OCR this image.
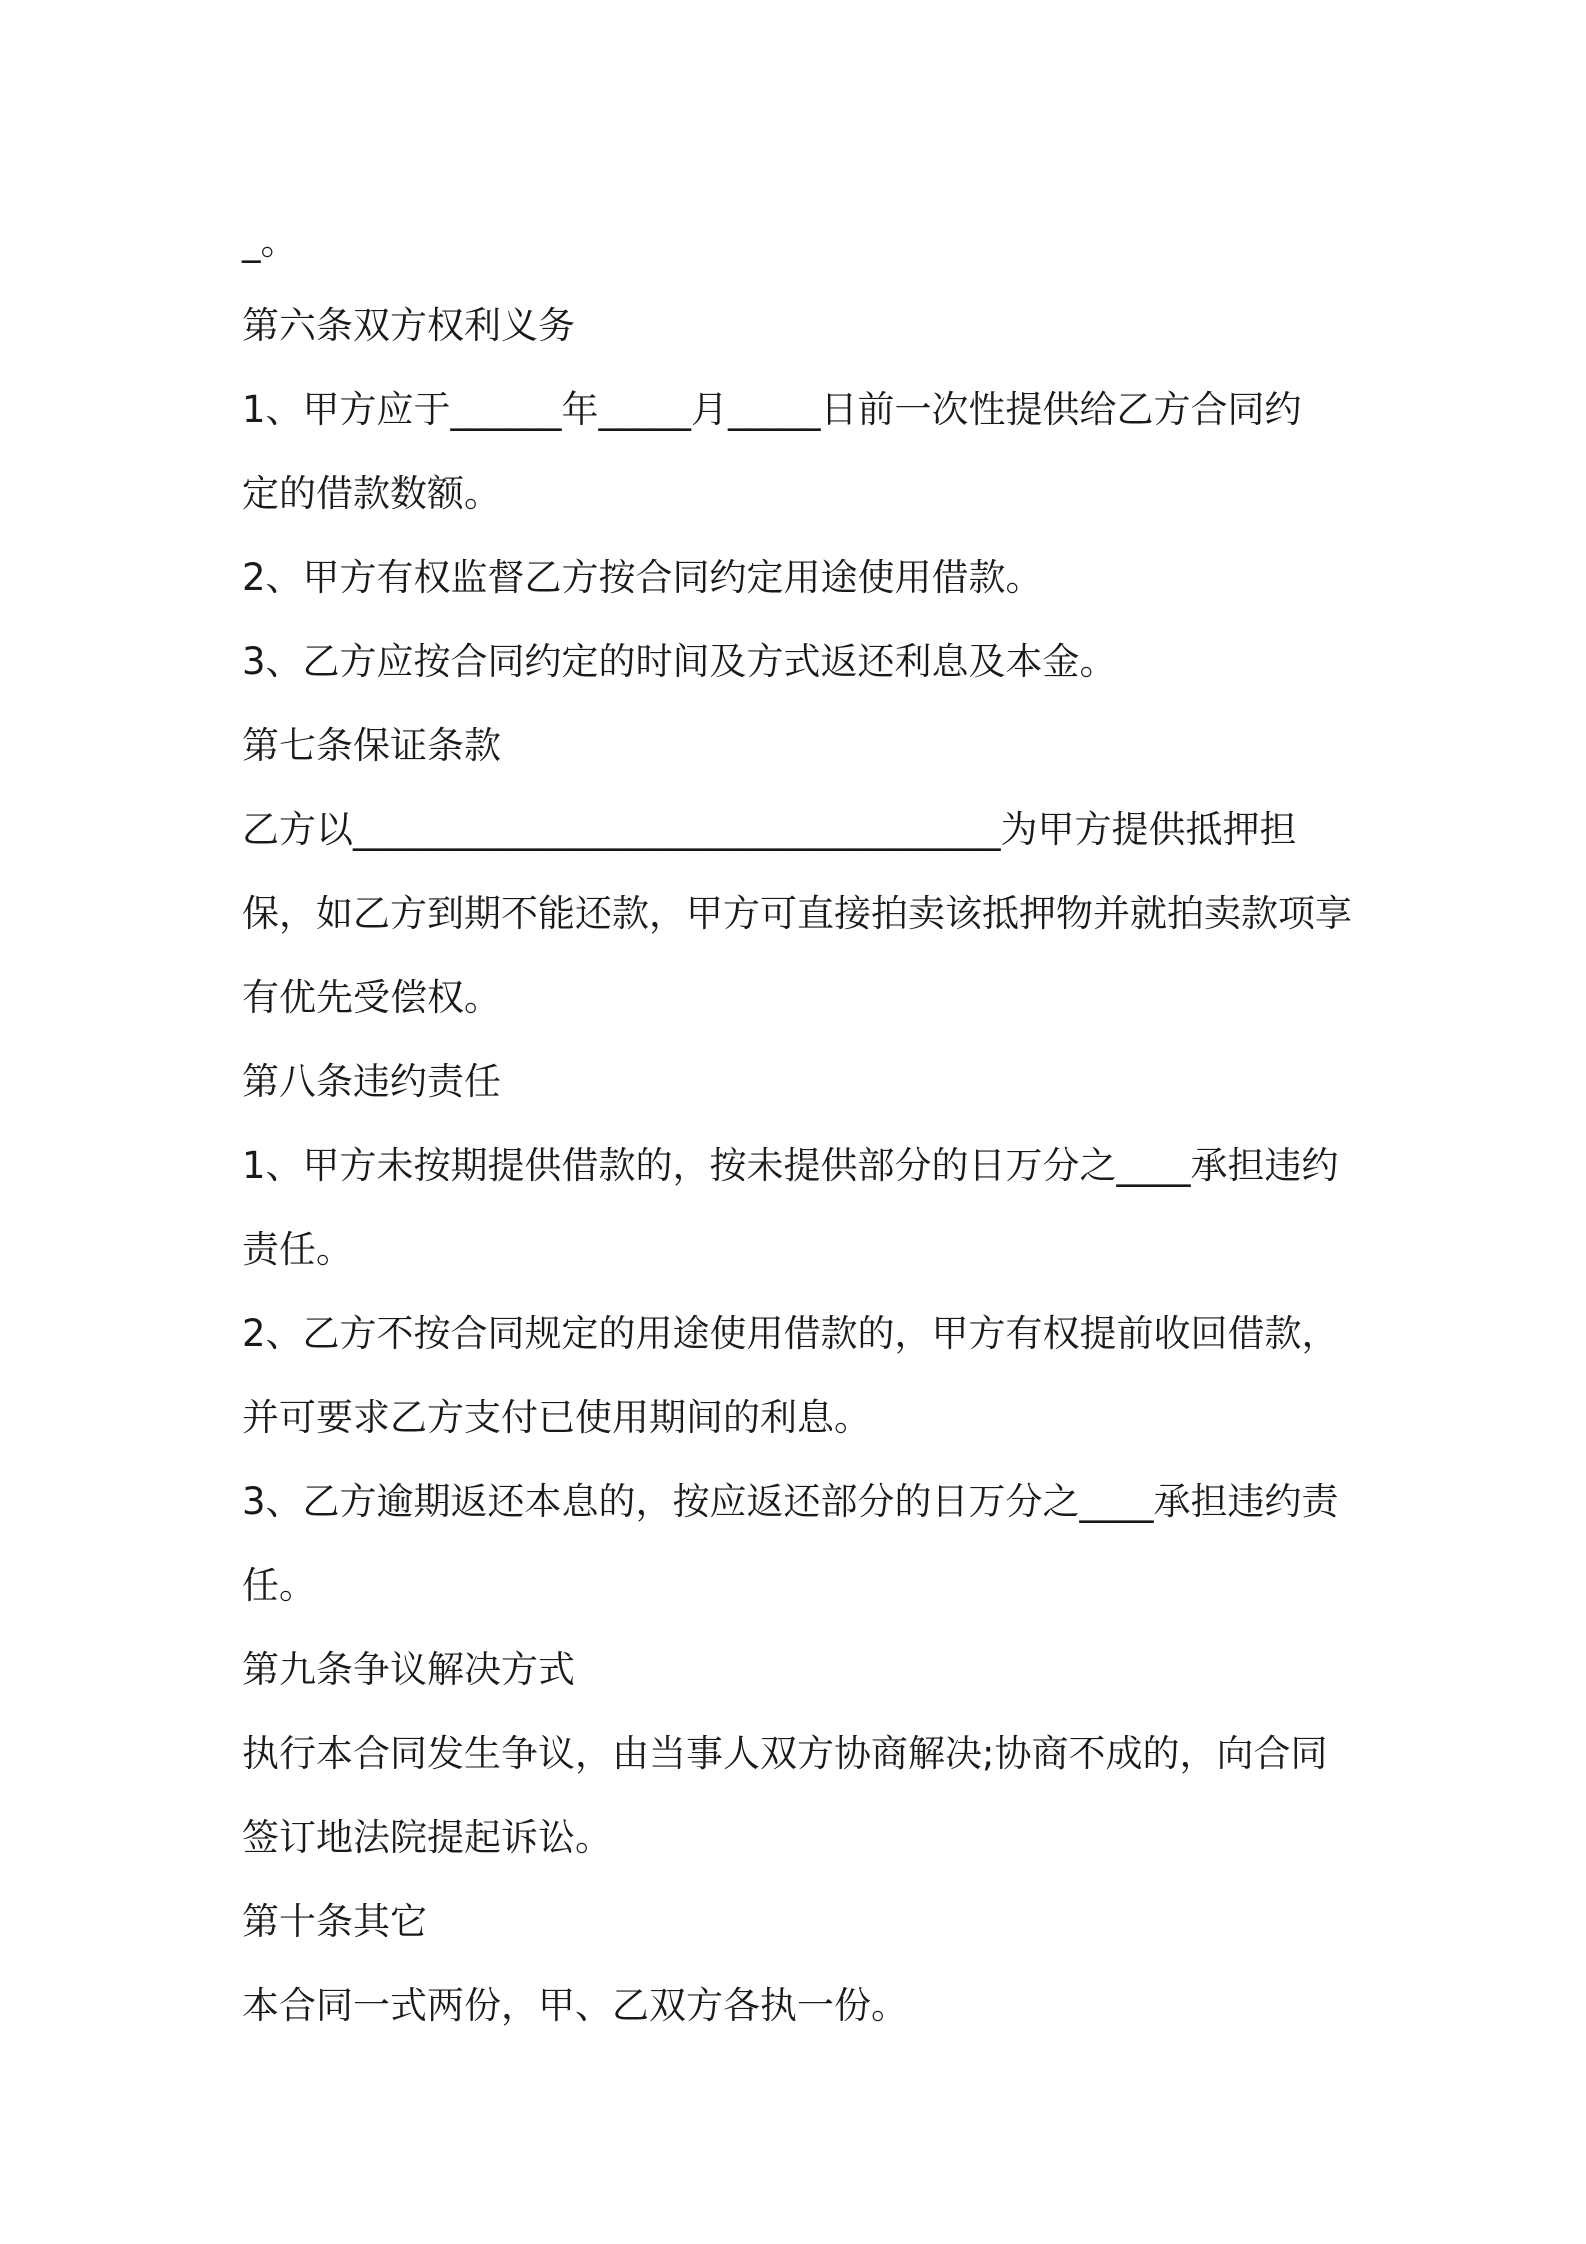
_。
第六条双方权利义务
1、甲方应于______年_____月_____日前一次性提供给乙方合同约
定的借款数额。
2、甲方有权监督乙方按合同约定用途使用借款。
3、乙方应按合同约定的时间及方式返还利息及本金。
第七条保证条款
乙方以___________________________________为甲方提供抵押担
保，如乙方到期不能还款，甲方可直接拍卖该抵押物并就拍卖款项享
有优先受偿权。
第八条违约责任
1、甲方未按期提供借款的，按未提供部分的日万分之____承担违约
责任。
2、乙方不按合同规定的用途使用借款的，甲方有权提前收回借款，
并可要求乙方支付已使用期间的利息。
3、乙方逾期返还本息的，按应返还部分的日万分之____承担违约责
任。
第九条争议解决方式
执行本合同发生争议，由当事人双方协商解决;协商不成的，向合同
签订地法院提起诉讼。
第十条其它
本合同一式两份，甲、乙双方各执一份。
